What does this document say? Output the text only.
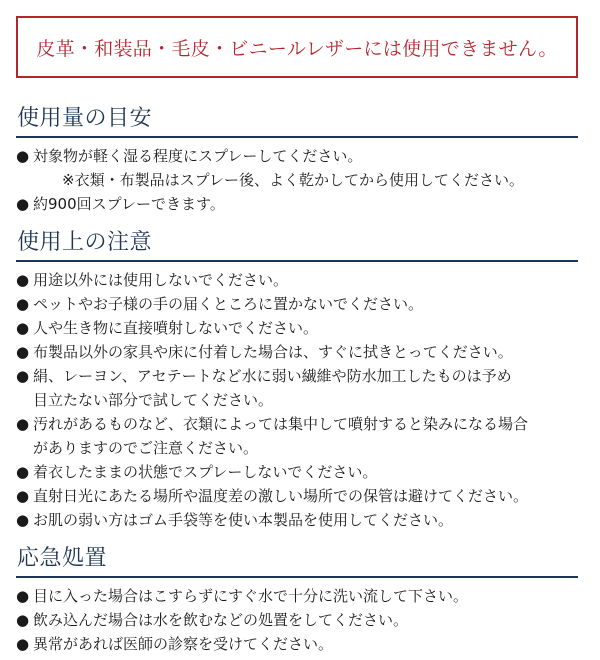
皮革・和装品・毛皮・ビニールレザーには使用できません。
使用量の目安
● 対象物が軽く湿る程度にスプレーしてください。
※衣類・布製品はスプレー後、よく乾かしてから使用してください。
● 約900回スプレーできます。
使用上の注意
● 用途以外には使用しないでください。
● ペットやお子様の手の届くところに置かないでください。
● 人や生き物に直接噴射しないでください。
● 布製品以外の家具や床に付着した場合は、すぐに拭きとってください。
● 絹、レーヨン、アセテートなど水に弱い繊維や防水加工したものは予め
目立たない部分で試してください。
● 汚れがあるものなど、衣類によっては集中して噴射すると染みになる場合
がありますのでご注意ください。
● 着衣したままの状態でスプレーしないでください。
● 直射日光にあたる場所や温度差の激しい場所での保管は避けてください。
● お肌の弱い方はゴム手袋等を使い本製品を使用してください。
応急処置
● 目に入った場合はこすらずにすぐ水で十分に洗い流して下さい。
● 飲み込んだ場合は水を飲むなどの処置をしてください。
● 異常があれば医師の診察を受けてください。
